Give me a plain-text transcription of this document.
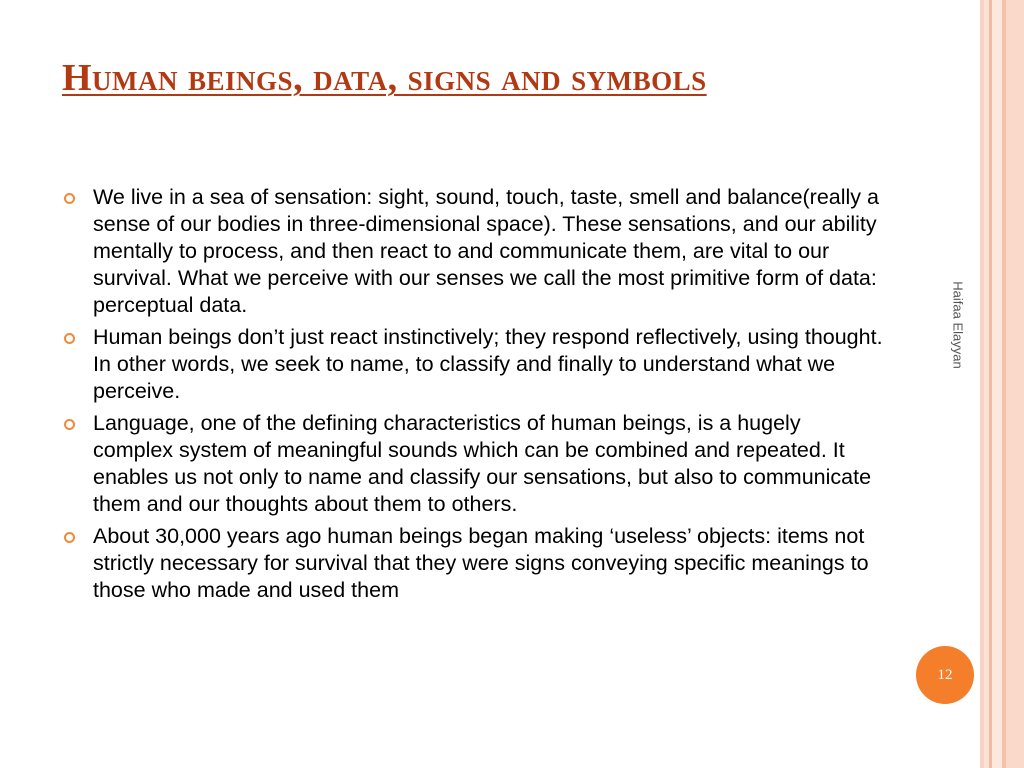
Human beings, data, signs and symbols
We live in a sea of sensation: sight, sound, touch, taste, smell and balance(really a sense of our bodies in three-dimensional space). These sensations, and our ability mentally to process, and then react to and communicate them, are vital to our survival. What we perceive with our senses we call the most primitive form of data: perceptual data.
Human beings don’t just react instinctively; they respond reflectively, using thought. In other words, we seek to name, to classify and finally to understand what we perceive.
Language, one of the defining characteristics of human beings, is a hugely complex system of meaningful sounds which can be combined and repeated. It enables us not only to name and classify our sensations, but also to communicate them and our thoughts about them to others.
About 30,000 years ago human beings began making ‘useless’ objects: items not strictly necessary for survival that they were signs conveying specific meanings to those who made and used them
Haifaa Elayyan
12
